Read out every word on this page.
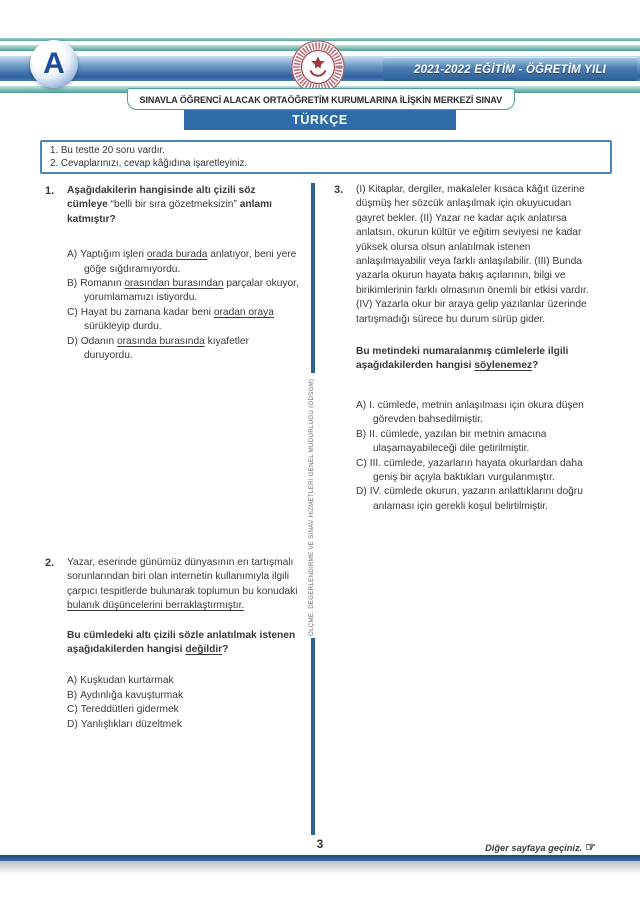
2021-2022 EĞİTİM - ÖĞRETİM YILI
A
SINAVLA ÖĞRENCİ ALACAK ORTAÖĞRETİM KURUMLARINA İLİŞKİN MERKEZİ SINAV
TÜRKÇE
1. Bu testte 20 soru vardır.
2. Cevaplarınızı, cevap kâğıdına işaretleyiniz.
1.	Aşağıdakilerin hangisinde altı çizili söz cümleye “belli bir sıra gözetmeksizin” anlamı katmıştır?

A) Yaptığım işleri orada burada anlatıyor, beni yere göğe sığdıramıyordu.

B) Romanın orasından burasından parçalar okuyor, yorumlamamızı istiyordu.

C) Hayat bu zamana kadar beni oradan oraya sürükleyip durdu.

D) Odanın orasında burasında kıyafetler duruyordu.

2.	Yazar, eserinde günümüz dünyasının en tartışmalı sorunlarından biri olan internetin kullanımıyla ilgili çarpıcı tespitlerde bulunarak toplumun bu konudaki bulanık düşüncelerini berraklaştırmıştır.

Bu cümledeki altı çizili sözle anlatılmak istenen aşağıdakilerden hangisi değildir?

A) Kuşkudan kurtarmak

B) Aydınlığa kavuşturmak

C) Tereddütleri gidermek

D) Yanlışlıkları düzeltmek

3.	(I) Kitaplar, dergiler, makaleler kısaca kâğıt üzerine düşmüş her sözcük anlaşılmak için okuyucudan gayret bekler. (II) Yazar ne kadar açık anlatırsa anlatsın, okurun kültür ve eğitim seviyesi ne kadar yüksek olursa olsun anlatılmak istenen anlaşılmayabilir veya farklı anlaşılabilir. (III) Bunda yazarla okurun hayata bakış açılarının, bilgi ve birikimlerinin farklı olmasının önemli bir etkisi vardır. (IV) Yazarla okur bir araya gelip yazılanlar üzerinde tartışmadığı sürece bu durum sürüp gider.

Bu metindeki numaralanmış cümlelerle ilgili aşağıdakilerden hangisi söylenemez?

A) I. cümlede, metnin anlaşılması için okura düşen görevden bahsedilmiştir.

B) II. cümlede, yazılan bir metnin amacına ulaşamayabileceği dile getirilmiştir.

C) III. cümlede, yazarların hayata okurlardan daha geniş bir açıyla baktıkları vurgulanmıştır.

D) IV. cümlede okurun, yazarın anlattıklarını doğru anlaması için gerekli koşul belirtilmiştir.

ÖLÇME, DEĞERLENDİRME VE SINAV HİZMETLERİ GENEL MÜDÜRLÜĞÜ (ÖDSGM)
3	Diğer sayfaya geçiniz. ☞
